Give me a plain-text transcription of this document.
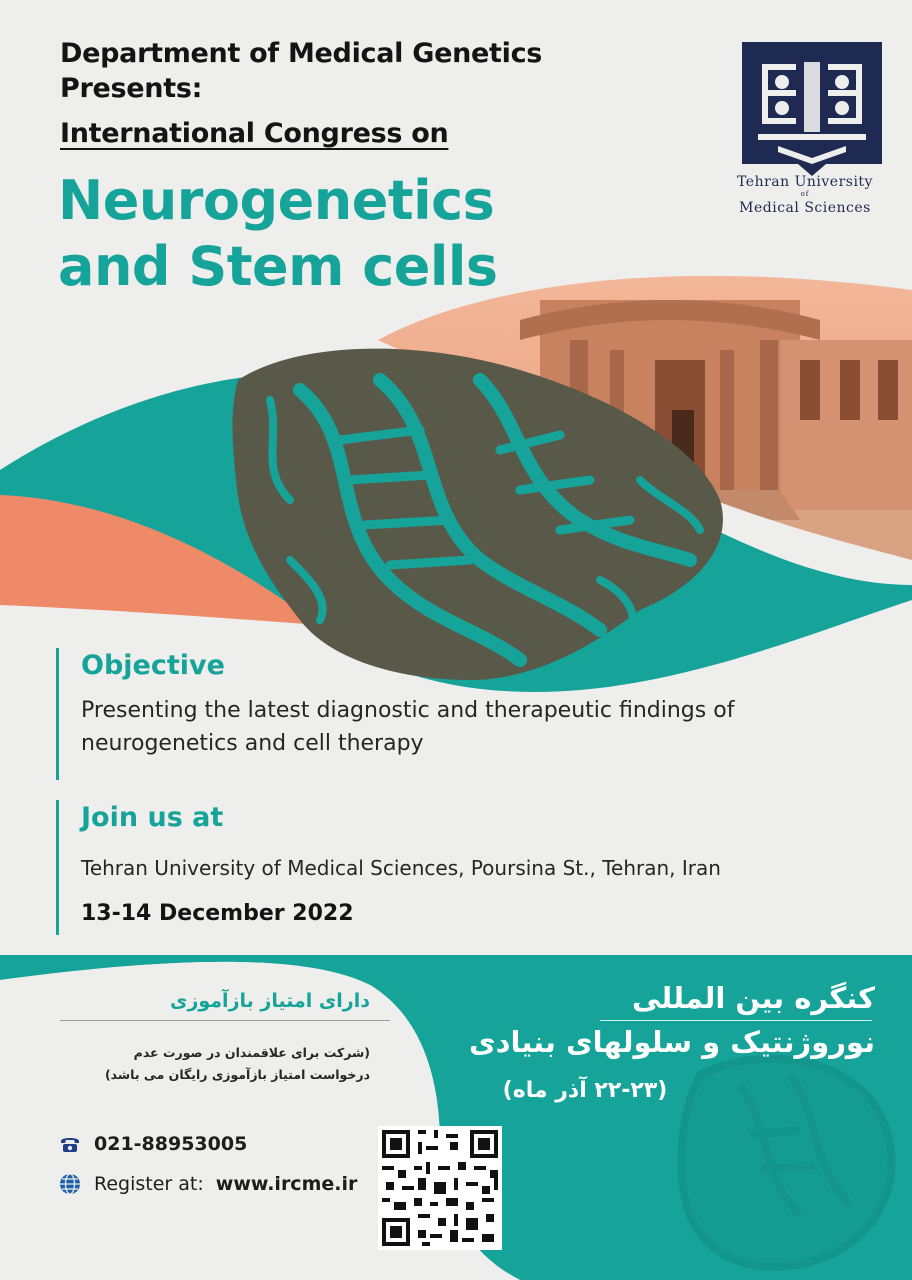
Department of Medical Genetics
Presents:
International Congress on
Neurogenetics
and Stem cells
Tehran University
of
Medical Sciences

Objective

Presenting the latest diagnostic and therapeutic findings of neurogenetics and cell therapy

Join us at

Tehran University of Medical Sciences, Poursina St., Tehran, Iran

13-14 December 2022

دارای امتیاز بازآموزی
(شرکت برای علاقمندان در صورت عدم درخواست امتیاز بازآموزی رایگان می باشد)
کنگره بین المللی
نوروژنتیک و سلولهای بنیادی
(۲۲-۲۳ آذر ماه)
021-88953005
Register at: www.ircme.ir
